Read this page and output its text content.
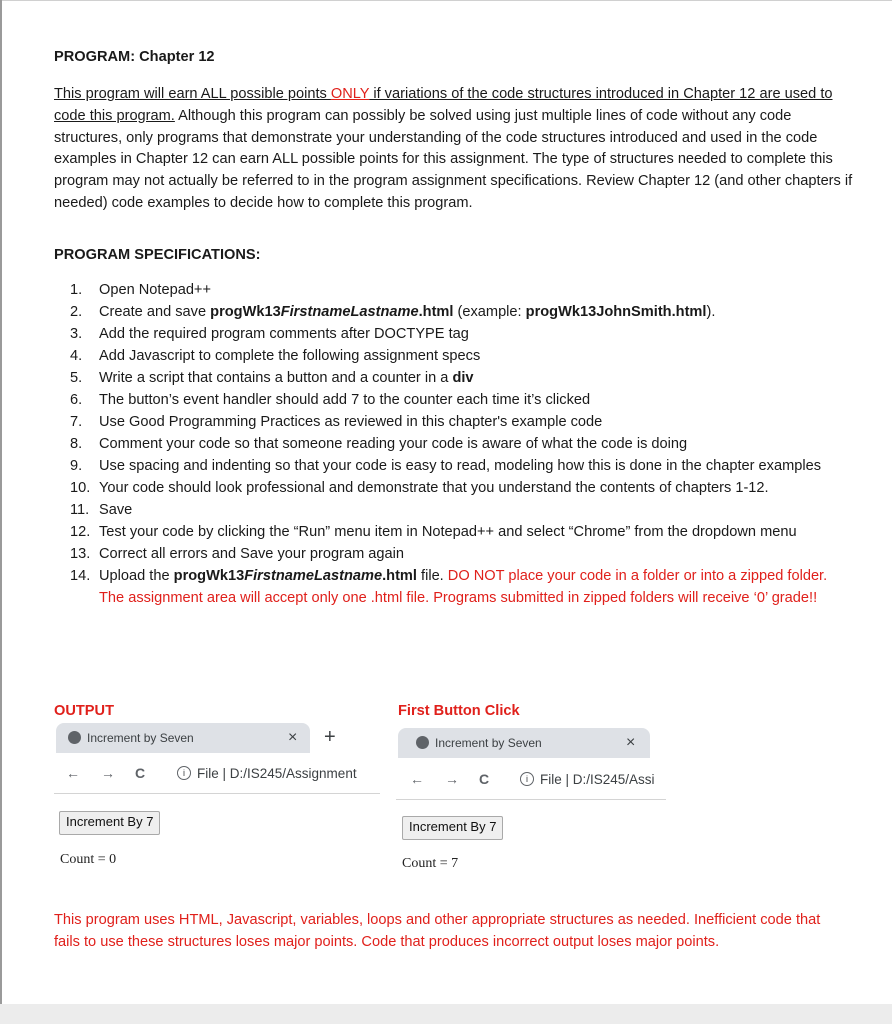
PROGRAM: Chapter 12
This program will earn ALL possible points ONLY if variations of the code structures introduced in Chapter 12 are used to code this program. Although this program can possibly be solved using just multiple lines of code without any code structures, only programs that demonstrate your understanding of the code structures introduced and used in the code examples in Chapter 12 can earn ALL possible points for this assignment. The type of structures needed to complete this program may not actually be referred to in the program assignment specifications. Review Chapter 12 (and other chapters if needed) code examples to decide how to complete this program.
PROGRAM SPECIFICATIONS:
1.	Open Notepad++
2.	Create and save progWk13FirstnameLastname.html (example: progWk13JohnSmith.html).
3.	Add the required program comments after DOCTYPE tag
4.	Add Javascript to complete the following assignment specs
5.	Write a script that contains a button and a counter in a div
6.	The button’s event handler should add 7 to the counter each time it’s clicked
7.	Use Good Programming Practices as reviewed in this chapter's example code
8.	Comment your code so that someone reading your code is aware of what the code is doing
9.	Use spacing and indenting so that your code is easy to read, modeling how this is done in the chapter examples
10. Your code should look professional and demonstrate that you understand the contents of chapters 1-12.
11. Save
12. Test your code by clicking the “Run” menu item in Notepad++ and select “Chrome” from the dropdown menu
13. Correct all errors and Save your program again
14. Upload the progWk13FirstnameLastname.html file. DO NOT place your code in a folder or into a zipped folder. The assignment area will accept only one .html file. Programs submitted in zipped folders will receive ‘0’ grade!!
OUTPUT
Increment by Seven	× +
← → C	i File | D:/IS245/Assignment
Increment By 7
Count = 0
First Button Click
Increment by Seven	×
← → C	i File | D:/IS245/Assi
Increment By 7
Count = 7
This program uses HTML, Javascript, variables, loops and other appropriate structures as needed. Inefficient code that fails to use these structures loses major points. Code that produces incorrect output loses major points.
